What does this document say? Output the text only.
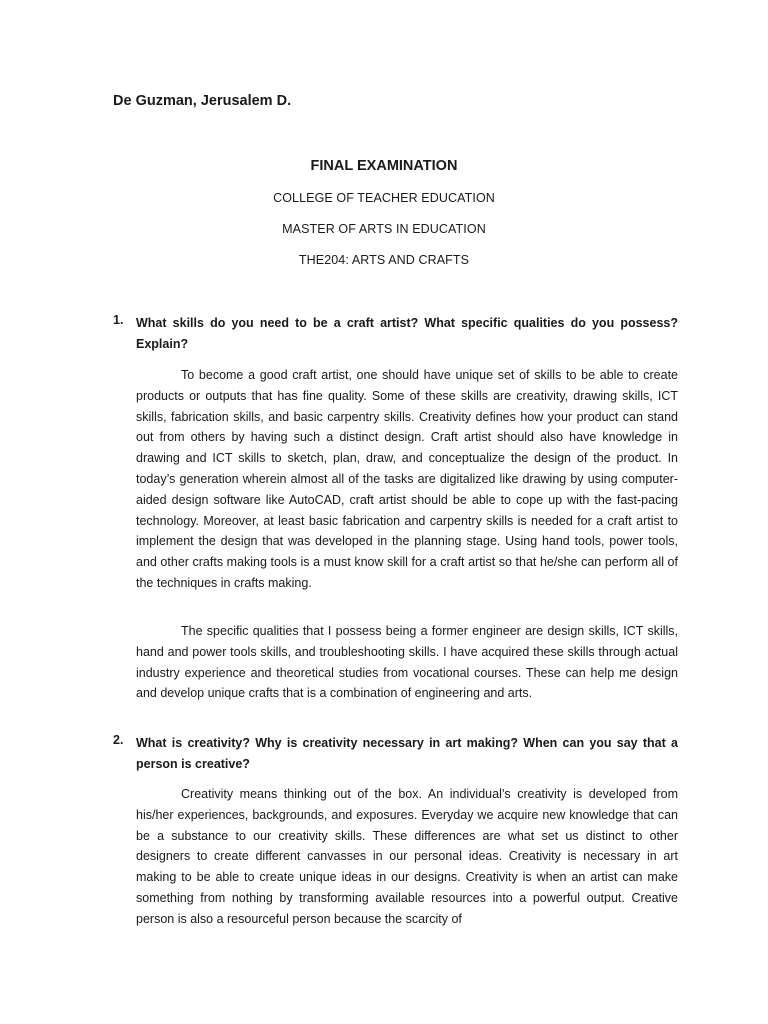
De Guzman, Jerusalem D.
FINAL EXAMINATION
COLLEGE OF TEACHER EDUCATION
MASTER OF ARTS IN EDUCATION
THE204: ARTS AND CRAFTS
1. What skills do you need to be a craft artist? What specific qualities do you possess? Explain?

To become a good craft artist, one should have unique set of skills to be able to create products or outputs that has fine quality. Some of these skills are creativity, drawing skills, ICT skills, fabrication skills, and basic carpentry skills. Creativity defines how your product can stand out from others by having such a distinct design. Craft artist should also have knowledge in drawing and ICT skills to sketch, plan, draw, and conceptualize the design of the product. In today’s generation wherein almost all of the tasks are digitalized like drawing by using computer-aided design software like AutoCAD, craft artist should be able to cope up with the fast-pacing technology. Moreover, at least basic fabrication and carpentry skills is needed for a craft artist to implement the design that was developed in the planning stage. Using hand tools, power tools, and other crafts making tools is a must know skill for a craft artist so that he/she can perform all of the techniques in crafts making.

The specific qualities that I possess being a former engineer are design skills, ICT skills, hand and power tools skills, and troubleshooting skills. I have acquired these skills through actual industry experience and theoretical studies from vocational courses. These can help me design and develop unique crafts that is a combination of engineering and arts.

2. What is creativity? Why is creativity necessary in art making? When can you say that a person is creative?

Creativity means thinking out of the box. An individual’s creativity is developed from his/her experiences, backgrounds, and exposures. Everyday we acquire new knowledge that can be a substance to our creativity skills. These differences are what set us distinct to other designers to create different canvasses in our personal ideas. Creativity is necessary in art making to be able to create unique ideas in our designs. Creativity is when an artist can make something from nothing by transforming available resources into a powerful output. Creative person is also a resourceful person because the scarcity of
